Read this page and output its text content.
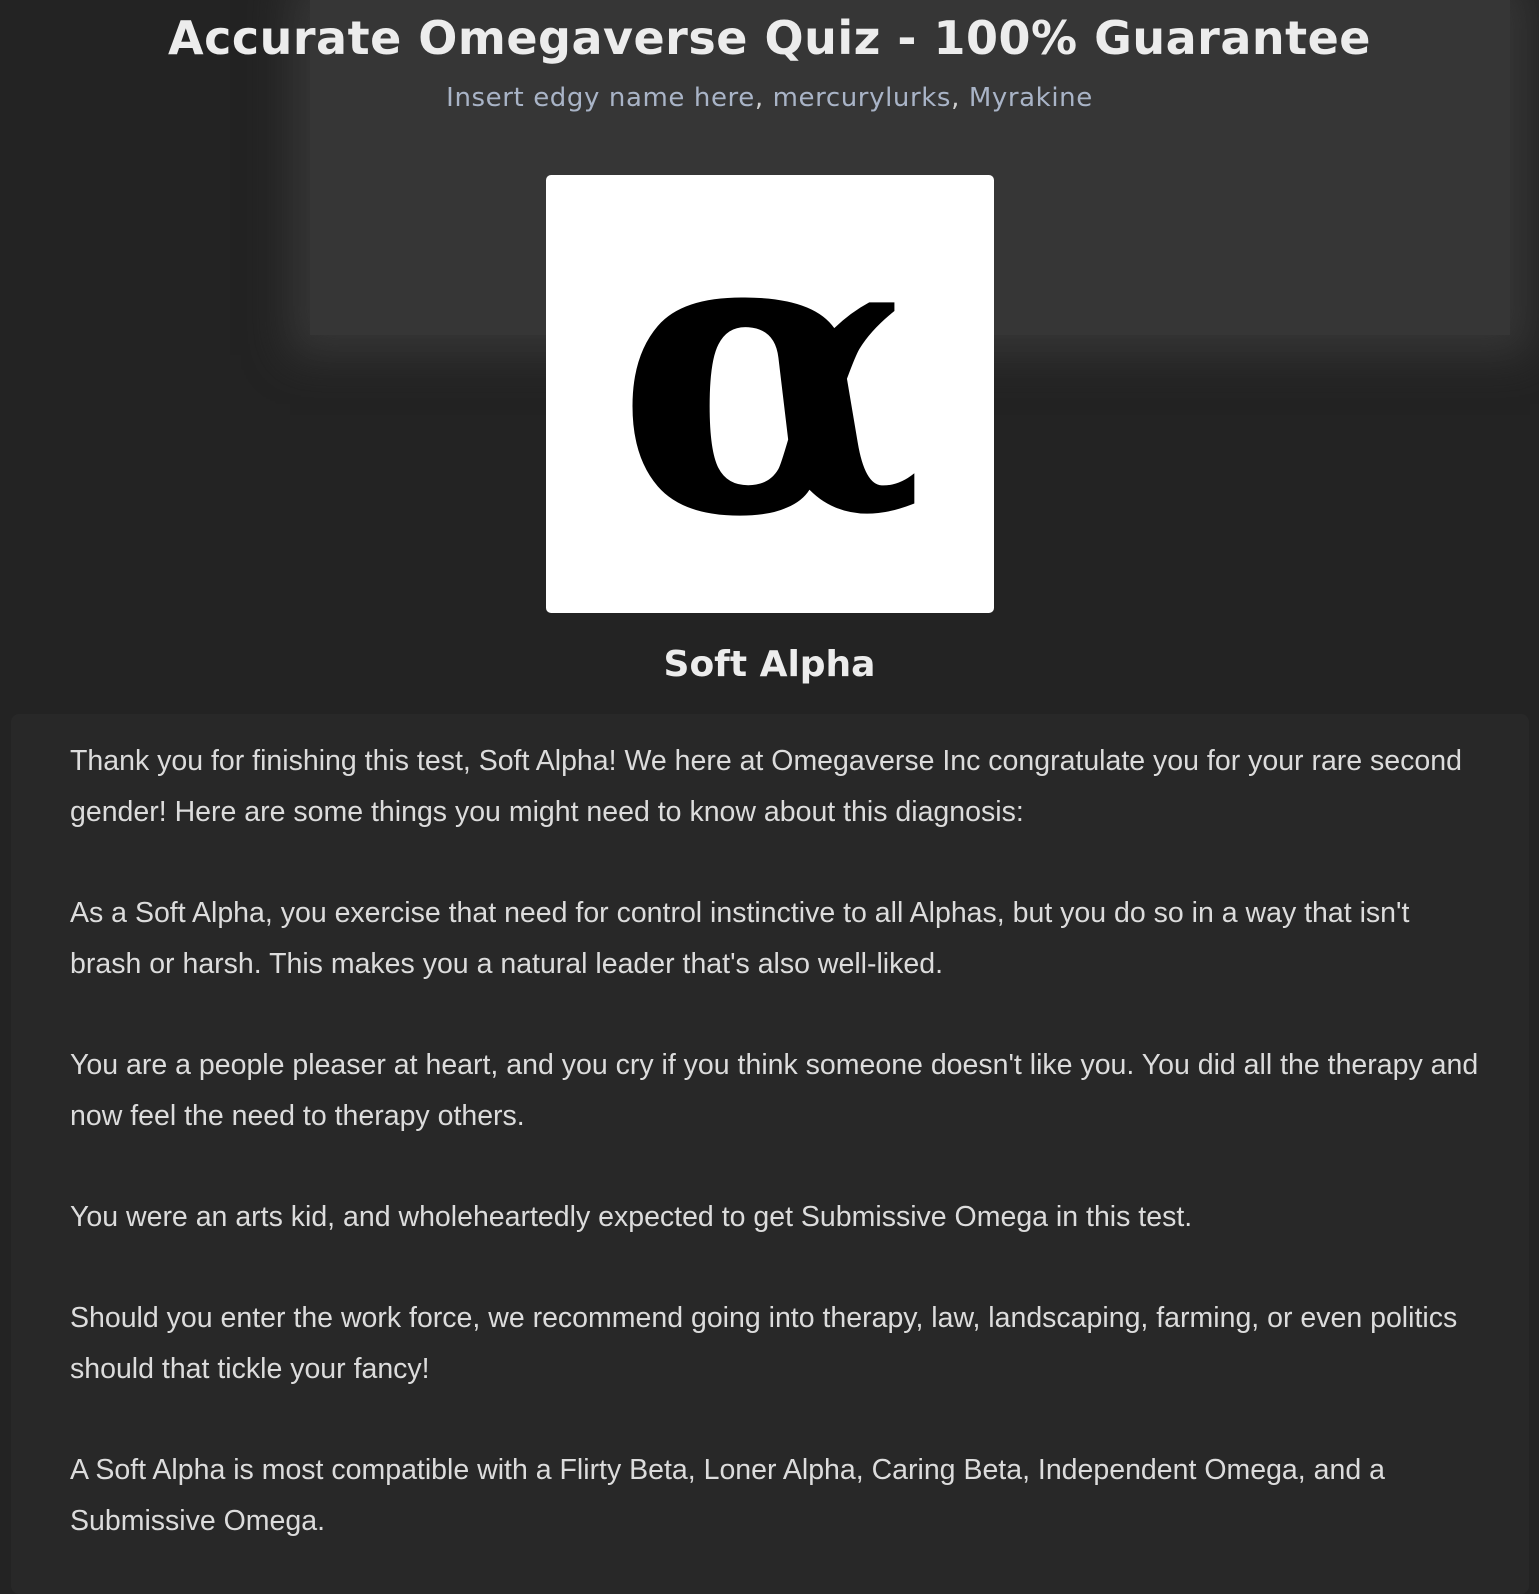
Accurate Omegaverse Quiz - 100% Guarantee
Insert edgy name here, mercurylurks, Myrakine
α
Soft Alpha

Thank you for finishing this test, Soft Alpha! We here at Omegaverse Inc congratulate you for your rare second gender! Here are some things you might need to know about this diagnosis:

As a Soft Alpha, you exercise that need for control instinctive to all Alphas, but you do so in a way that isn't brash or harsh. This makes you a natural leader that's also well-liked.

You are a people pleaser at heart, and you cry if you think someone doesn't like you. You did all the therapy and now feel the need to therapy others.

You were an arts kid, and wholeheartedly expected to get Submissive Omega in this test.

Should you enter the work force, we recommend going into therapy, law, landscaping, farming, or even politics should that tickle your fancy!

A Soft Alpha is most compatible with a Flirty Beta, Loner Alpha, Caring Beta, Independent Omega, and a Submissive Omega.
